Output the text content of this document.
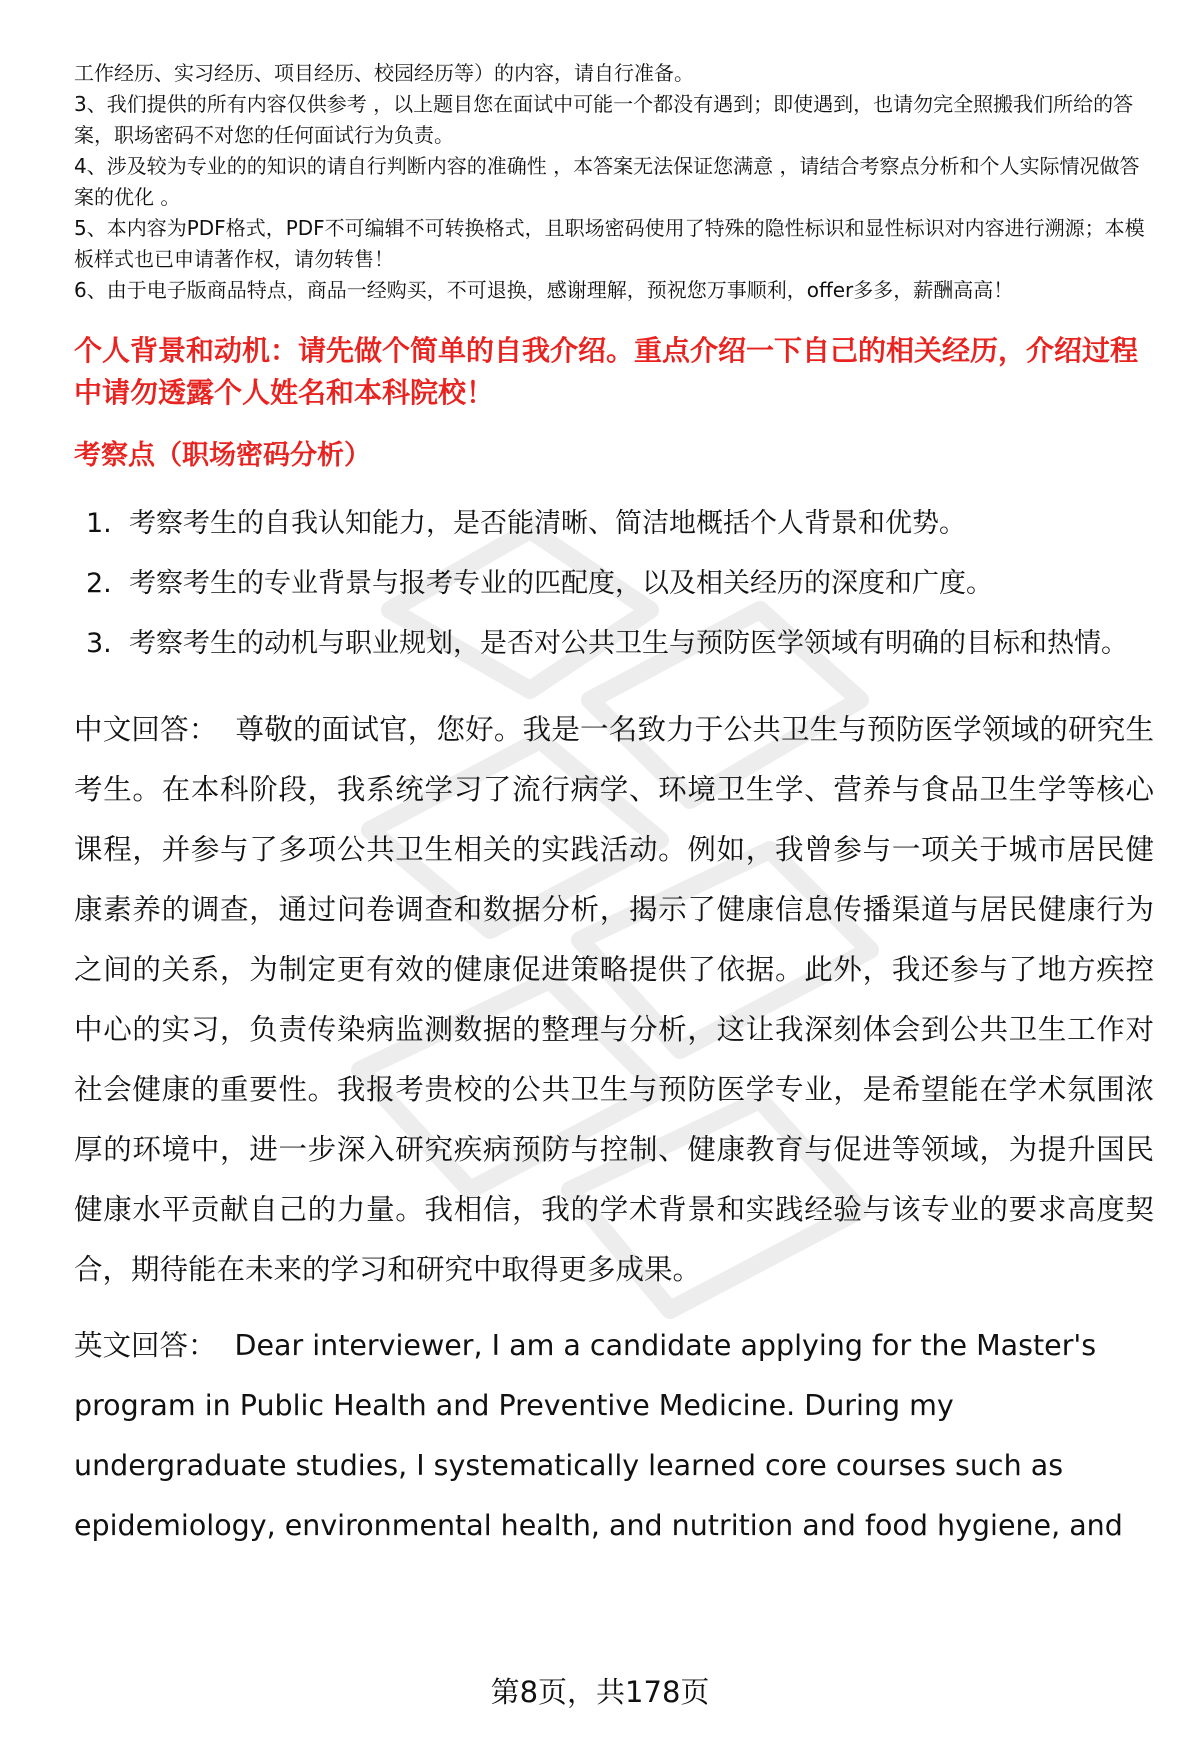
工作经历、实习经历、项目经历、校园经历等）的内容，请自行准备。

3、我们提供的所有内容仅供参考 ，以上题目您在面试中可能一个都没有遇到；即使遇到，也请勿完全照搬我们所给的答案，职场密码不对您的任何面试行为负责。

4、涉及较为专业的的知识的请自行判断内容的准确性 ，本答案无法保证您满意 ，请结合考察点分析和个人实际情况做答案的优化 。

5、本内容为PDF格式，PDF不可编辑不可转换格式，且职场密码使用了特殊的隐性标识和显性标识对内容进行溯源；本模板样式也已申请著作权，请勿转售！

6、由于电子版商品特点，商品一经购买，不可退换，感谢理解，预祝您万事顺利，offer多多，薪酬高高！

个人背景和动机：请先做个简单的自我介绍。重点介绍一下自己的相关经历，介绍过程中请勿透露个人姓名和本科院校！
考察点（职场密码分析）
1. 考察考生的自我认知能力，是否能清晰、简洁地概括个人背景和优势。
2. 考察考生的专业背景与报考专业的匹配度，以及相关经历的深度和广度。
3. 考察考生的动机与职业规划，是否对公共卫生与预防医学领域有明确的目标和热情。
中文回答： 尊敬的面试官，您好。我是一名致力于公共卫生与预防医学领域的研究生考生。在本科阶段，我系统学习了流行病学、环境卫生学、营养与食品卫生学等核心课程，并参与了多项公共卫生相关的实践活动。例如，我曾参与一项关于城市居民健康素养的调查，通过问卷调查和数据分析，揭示了健康信息传播渠道与居民健康行为之间的关系，为制定更有效的健康促进策略提供了依据。此外，我还参与了地方疾控中心的实习，负责传染病监测数据的整理与分析，这让我深刻体会到公共卫生工作对社会健康的重要性。我报考贵校的公共卫生与预防医学专业，是希望能在学术氛围浓厚的环境中，进一步深入研究疾病预防与控制、健康教育与促进等领域，为提升国民健康水平贡献自己的力量。我相信，我的学术背景和实践经验与该专业的要求高度契合，期待能在未来的学习和研究中取得更多成果。
英文回答： Dear interviewer, I am a candidate applying for the Master's program in Public Health and Preventive Medicine. During my undergraduate studies, I systematically learned core courses such as epidemiology, environmental health, and nutrition and food hygiene, and
第8页，共178页
